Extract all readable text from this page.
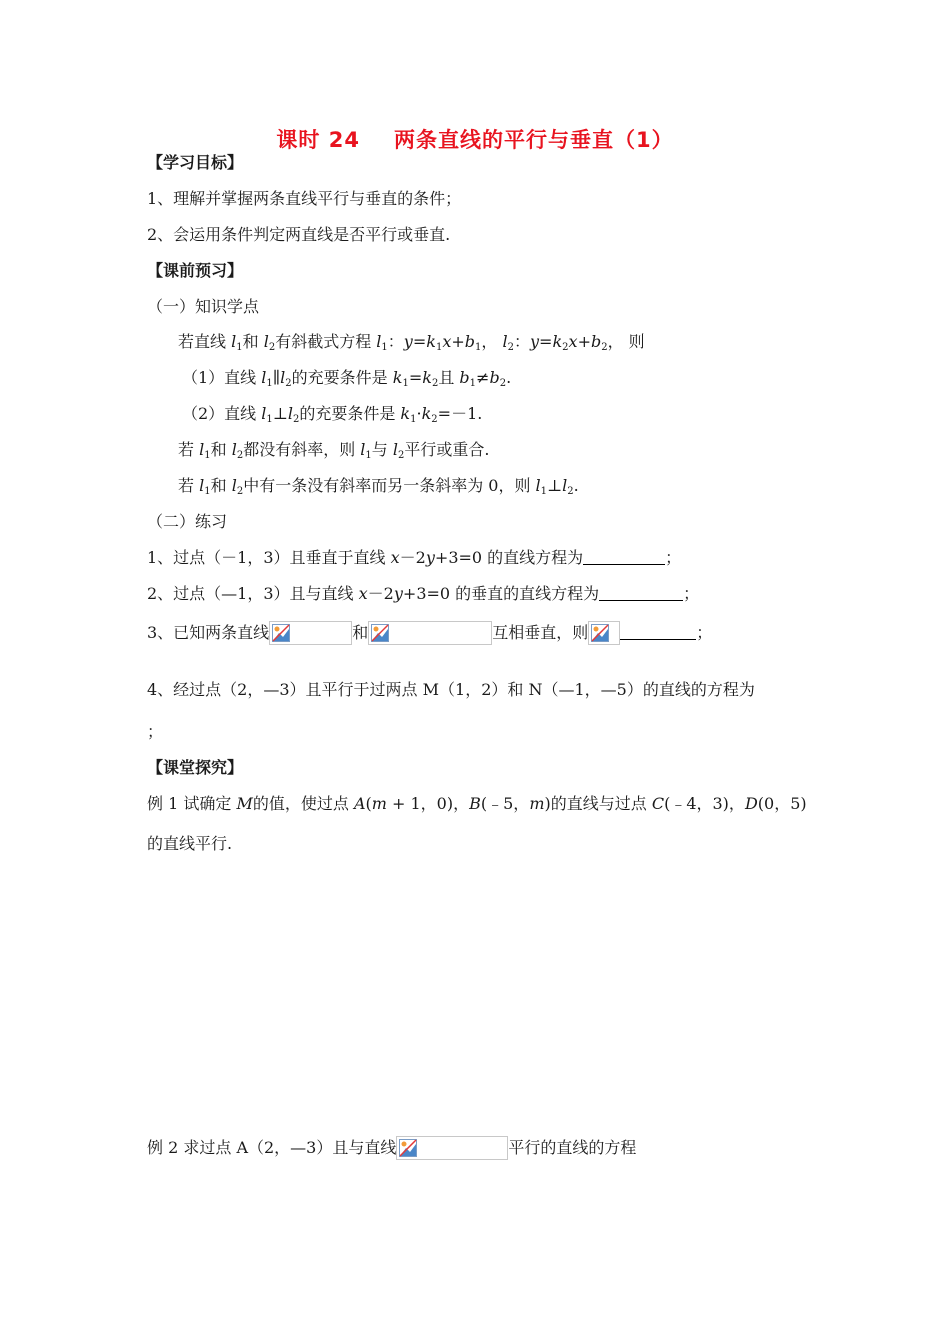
课时 24 两条直线的平行与垂直（1）
【学习目标】
1、理解并掌握两条直线平行与垂直的条件；
2、会运用条件判定两直线是否平行或垂直.
【课前预习】
（一）知识学点
若直线 $l_1$和 $l_2$有斜截式方程 $l_1$：$y=k_1x+b_1$， $l_2$：$y=k_2x+b_2$， 则
（1）直线 $l_1\parallel l_2$的充要条件是 $k_1=k_2$且 $b_1\ne b_2$.
（2）直线 $l_1\perp l_2$的充要条件是 $k_1\cdot k_2=-1$.
若 $l_1$和 $l_2$都没有斜率，则 $l_1$与 $l_2$平行或重合.
若 $l_1$和 $l_2$中有一条没有斜率而另一条斜率为 0，则 $l_1\perp l_2$.
（二）练习
1、过点（－1，3）且垂直于直线 x－2y+3=0 的直线方程为	；
2、过点（—1，3）且与直线 x－2y+3=0 的垂直的直线方程为	；
3、已知两条直线	和	互相垂直，则	；
4、经过点（2，—3）且平行于过两点 M（1，2）和 N（—1，—5）的直线的方程为
；
【课堂探究】
例 1 试确定 M的值，使过点 A(m + 1，0)，B(﹣5，m)的直线与过点 C(﹣4，3)，D(0，5)
的直线平行.
例 2 求过点 A（2，—3）且与直线	平行的直线的方程
